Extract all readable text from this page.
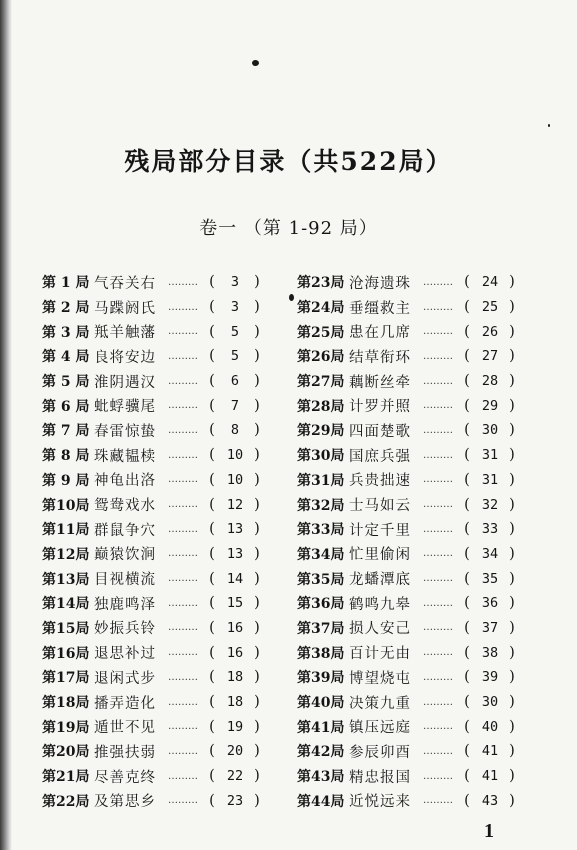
残局部分目录（共522局）
卷一 （第 1-92 局）
第 1 局 气吞关右	……… (	3	)
第 2 局 马蹀阏氏	……… (	3	)
第 3 局 羝羊触藩	……… (	5	)
第 4 局 良将安边	……… (	5	)
第 5 局 淮阴遇汉	……… (	6	)
第 6 局 蚍蜉骥尾	……… (	7	)
第 7 局 春雷惊蛰	……… (	8	)
第 8 局 珠藏韫椟	……… ( 10 )
第 9 局 神龟出洛	……… ( 10 )
第10局 鸳鸯戏水	……… ( 12 )
第11局 群鼠争穴	……… ( 13 )
第12局 巅猿饮涧	……… ( 13 )
第13局 目视横流	……… ( 14 )
第14局 独鹿鸣泽	……… ( 15 )
第15局 妙振兵铃	……… ( 16 )
第16局 退思补过	……… ( 16 )
第17局 退闲式步	……… ( 18 )
第18局 播弄造化	……… ( 18 )
第19局 遁世不见	……… ( 19 )
第20局 推强扶弱	……… ( 20 )
第21局 尽善克终	……… ( 22 )
第22局 及第思乡	……… ( 23 )
第23局 沧海遗珠	……… ( 24 )
第24局 垂缰救主	……… ( 25 )
第25局 患在几席	……… ( 26 )
第26局 结草衔环	……… ( 27 )
第27局 藕断丝牵	……… ( 28 )
第28局 计罗并照	……… ( 29 )
第29局 四面楚歌	……… ( 30 )
第30局 国庶兵强	……… ( 31 )
第31局 兵贵拙速	……… ( 31 )
第32局 士马如云	……… ( 32 )
第33局 计定千里	……… ( 33 )
第34局 忙里偷闲	……… ( 34 )
第35局 龙蟠潭底	……… ( 35 )
第36局 鹤鸣九皋	……… ( 36 )
第37局 损人安己	……… ( 37 )
第38局 百计无由	……… ( 38 )
第39局 博望烧屯	……… ( 39 )
第40局 决策九重	……… ( 30 )
第41局 镇压远庭	……… ( 40 )
第42局 参辰卯酉	……… ( 41 )
第43局 精忠报国	……… ( 41 )
第44局 近悦远来	……… ( 43 )
1
